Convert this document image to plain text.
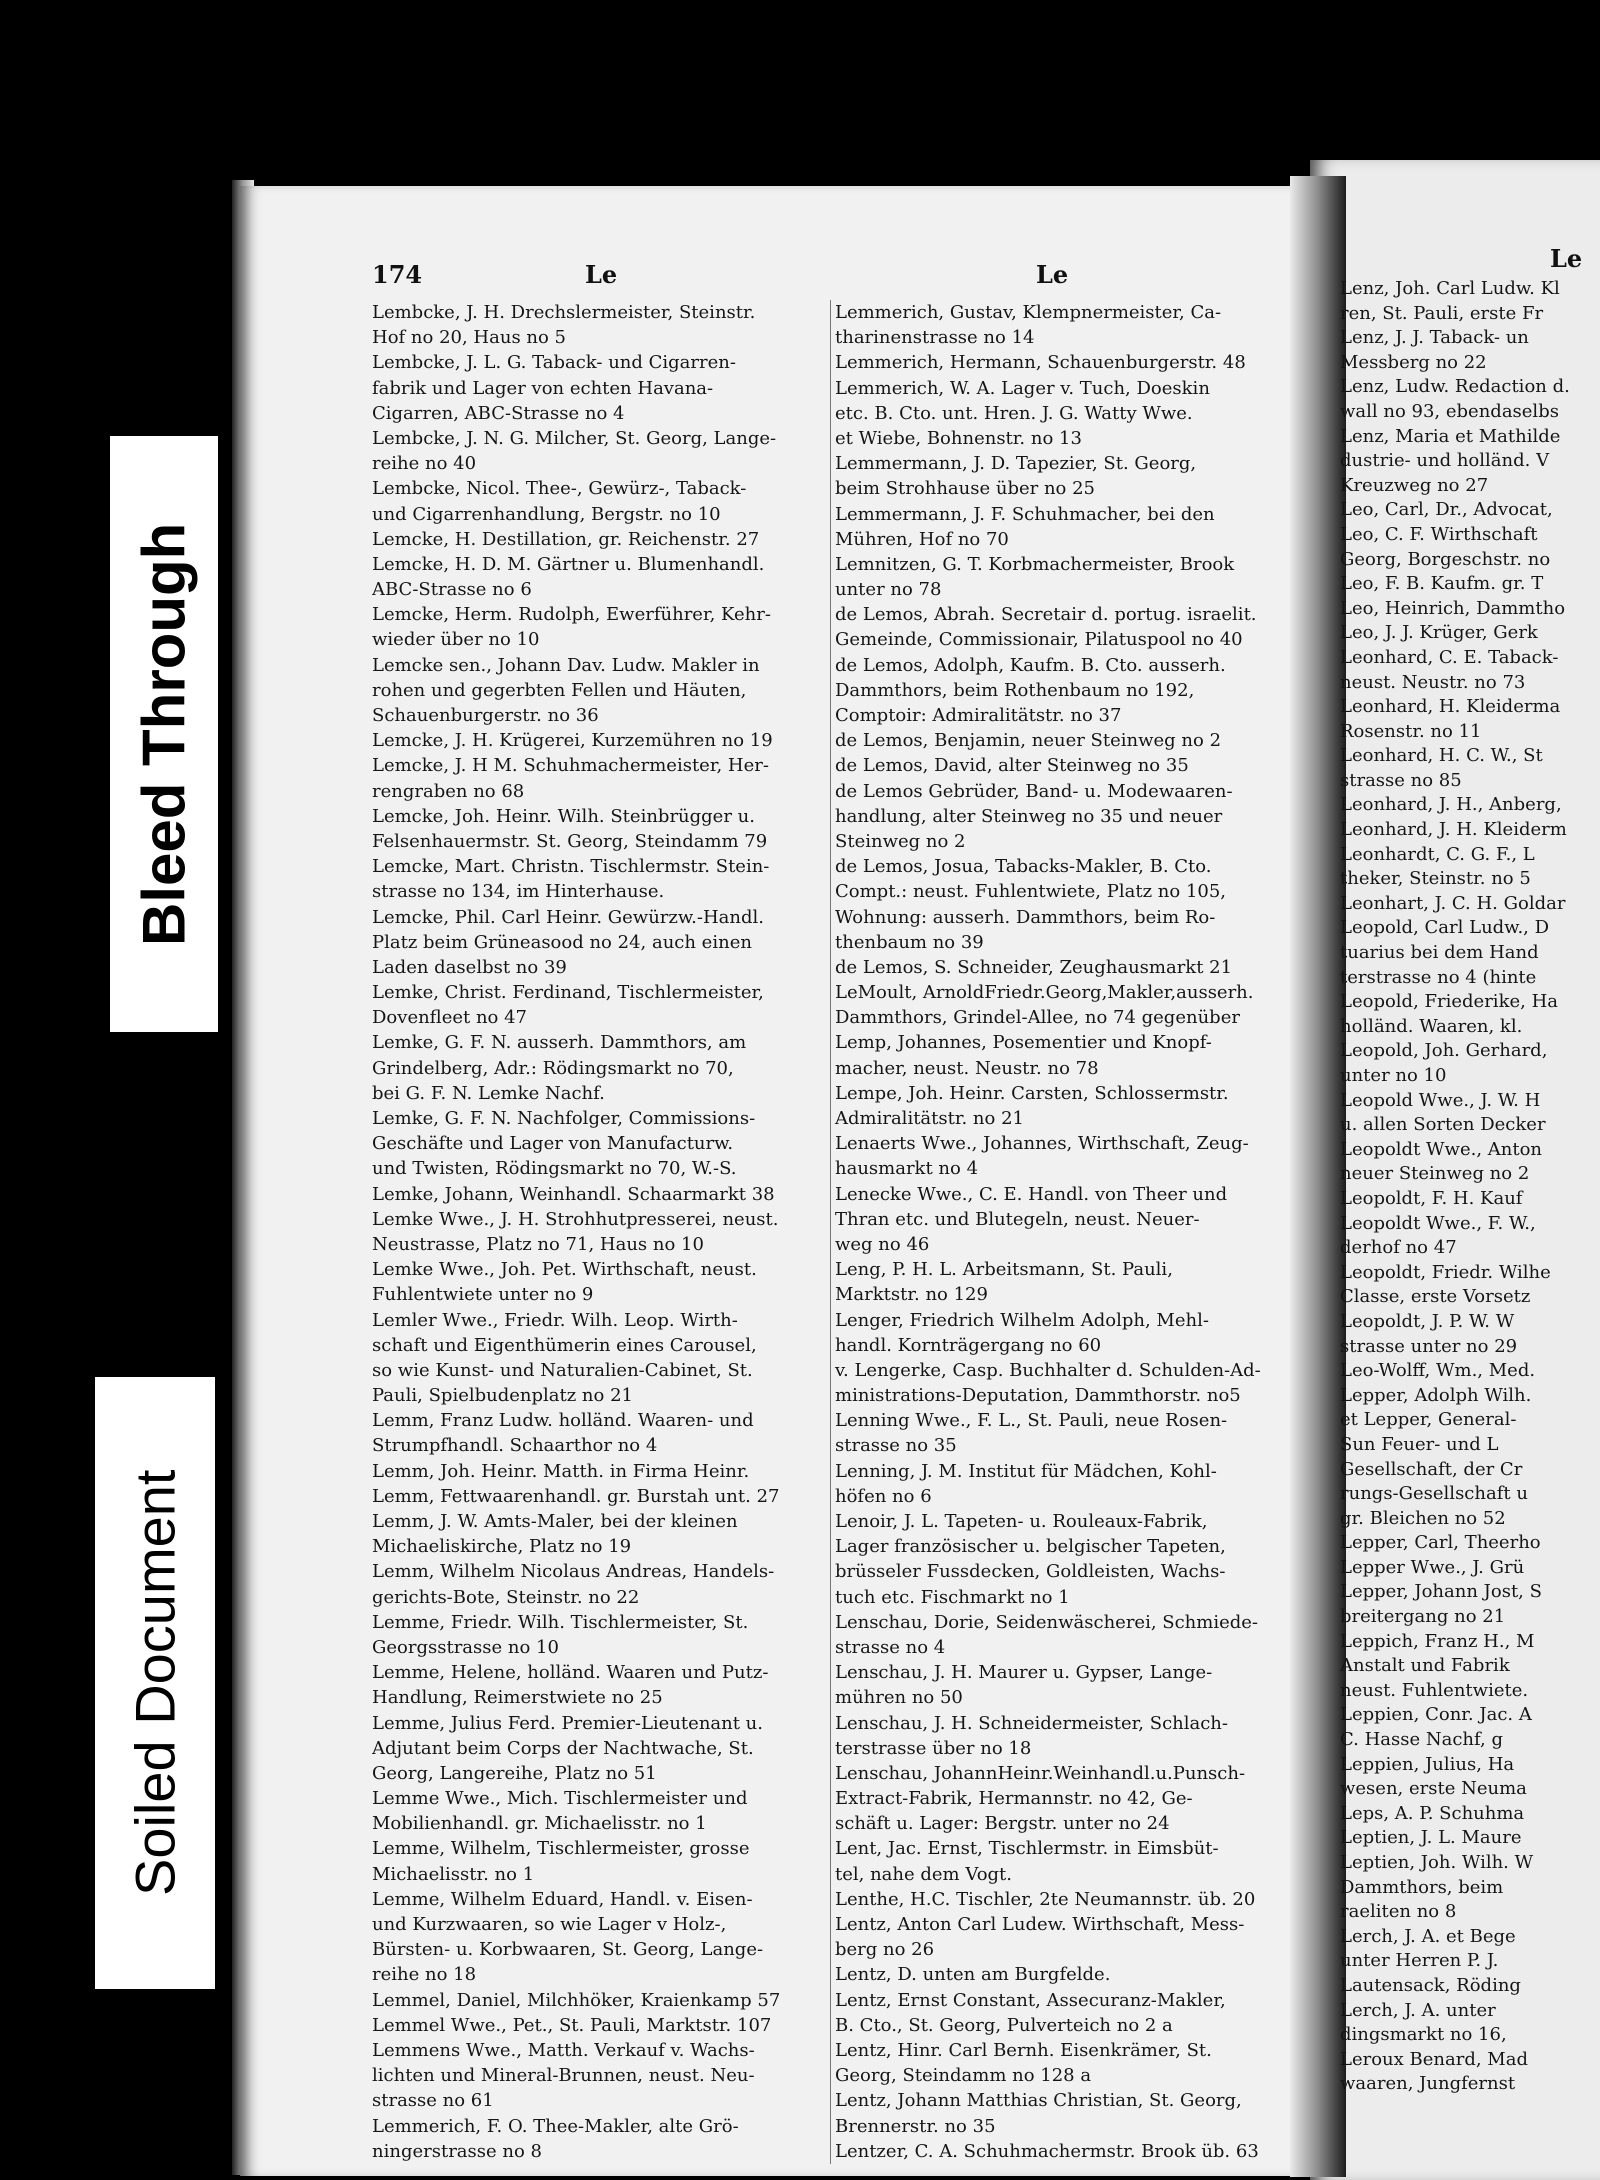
174	Le	Le
Le
Lembcke, J. H. Drechslermeister, Steinstr.
Hof no 20, Haus no 5
Lembcke, J. L. G. Taback- und Cigarren-
fabrik und Lager von echten Havana-
Cigarren, ABC-Strasse no 4
Lembcke, J. N. G. Milcher, St. Georg, Lange-
reihe no 40
Lembcke, Nicol. Thee-, Gewürz-, Taback-
und Cigarrenhandlung, Bergstr. no 10
Lemcke, H. Destillation, gr. Reichenstr. 27
Lemcke, H. D. M. Gärtner u. Blumenhandl.
ABC-Strasse no 6
Lemcke, Herm. Rudolph, Ewerführer, Kehr-
wieder über no 10
Lemcke sen., Johann Dav. Ludw. Makler in
rohen und gegerbten Fellen und Häuten,
Schauenburgerstr. no 36
Lemcke, J. H. Krügerei, Kurzemühren no 19
Lemcke, J. H M. Schuhmachermeister, Her-
rengraben no 68
Lemcke, Joh. Heinr. Wilh. Steinbrügger u.
Felsenhauermstr. St. Georg, Steindamm 79
Lemcke, Mart. Christn. Tischlermstr. Stein-
strasse no 134, im Hinterhause.
Lemcke, Phil. Carl Heinr. Gewürzw.-Handl.
Platz beim Grüneasood no 24, auch einen
Laden daselbst no 39
Lemke, Christ. Ferdinand, Tischlermeister,
Dovenfleet no 47
Lemke, G. F. N. ausserh. Dammthors, am
Grindelberg, Adr.: Rödingsmarkt no 70,
bei G. F. N. Lemke Nachf.
Lemke, G. F. N. Nachfolger, Commissions-
Geschäfte und Lager von Manufacturw.
und Twisten, Rödingsmarkt no 70, W.-S.
Lemke, Johann, Weinhandl. Schaarmarkt 38
Lemke Wwe., J. H. Strohhutpresserei, neust.
Neustrasse, Platz no 71, Haus no 10
Lemke Wwe., Joh. Pet. Wirthschaft, neust.
Fuhlentwiete unter no 9
Lemler Wwe., Friedr. Wilh. Leop. Wirth-
schaft und Eigenthümerin eines Carousel,
so wie Kunst- und Naturalien-Cabinet, St.
Pauli, Spielbudenplatz no 21
Lemm, Franz Ludw. holländ. Waaren- und
Strumpfhandl. Schaarthor no 4
Lemm, Joh. Heinr. Matth. in Firma Heinr.
Lemm, Fettwaarenhandl. gr. Burstah unt. 27
Lemm, J. W. Amts-Maler, bei der kleinen
Michaeliskirche, Platz no 19
Lemm, Wilhelm Nicolaus Andreas, Handels-
gerichts-Bote, Steinstr. no 22
Lemme, Friedr. Wilh. Tischlermeister, St.
Georgsstrasse no 10
Lemme, Helene, holländ. Waaren und Putz-
Handlung, Reimerstwiete no 25
Lemme, Julius Ferd. Premier-Lieutenant u.
Adjutant beim Corps der Nachtwache, St.
Georg, Langereihe, Platz no 51
Lemme Wwe., Mich. Tischlermeister und
Mobilienhandl. gr. Michaelisstr. no 1
Lemme, Wilhelm, Tischlermeister, grosse
Michaelisstr. no 1
Lemme, Wilhelm Eduard, Handl. v. Eisen-
und Kurzwaaren, so wie Lager v Holz-,
Bürsten- u. Korbwaaren, St. Georg, Lange-
reihe no 18
Lemmel, Daniel, Milchhöker, Kraienkamp 57
Lemmel Wwe., Pet., St. Pauli, Marktstr. 107
Lemmens Wwe., Matth. Verkauf v. Wachs-
lichten und Mineral-Brunnen, neust. Neu-
strasse no 61
Lemmerich, F. O. Thee-Makler, alte Grö-
ningerstrasse no 8
Lemmerich, Gustav, Klempnermeister, Ca-
tharinenstrasse no 14
Lemmerich, Hermann, Schauenburgerstr. 48
Lemmerich, W. A. Lager v. Tuch, Doeskin
etc. B. Cto. unt. Hren. J. G. Watty Wwe.
et Wiebe, Bohnenstr. no 13
Lemmermann, J. D. Tapezier, St. Georg,
beim Strohhause über no 25
Lemmermann, J. F. Schuhmacher, bei den
Mühren, Hof no 70
Lemnitzen, G. T. Korbmachermeister, Brook
unter no 78
de Lemos, Abrah. Secretair d. portug. israelit.
Gemeinde, Commissionair, Pilatuspool no 40
de Lemos, Adolph, Kaufm. B. Cto. ausserh.
Dammthors, beim Rothenbaum no 192,
Comptoir: Admiralitätstr. no 37
de Lemos, Benjamin, neuer Steinweg no 2
de Lemos, David, alter Steinweg no 35
de Lemos Gebrüder, Band- u. Modewaaren-
handlung, alter Steinweg no 35 und neuer
Steinweg no 2
de Lemos, Josua, Tabacks-Makler, B. Cto.
Compt.: neust. Fuhlentwiete, Platz no 105,
Wohnung: ausserh. Dammthors, beim Ro-
thenbaum no 39
de Lemos, S. Schneider, Zeughausmarkt 21
LeMoult, ArnoldFriedr.Georg,Makler,ausserh.
Dammthors, Grindel-Allee, no 74 gegenüber
Lemp, Johannes, Posementier und Knopf-
macher, neust. Neustr. no 78
Lempe, Joh. Heinr. Carsten, Schlossermstr.
Admiralitätstr. no 21
Lenaerts Wwe., Johannes, Wirthschaft, Zeug-
hausmarkt no 4
Lenecke Wwe., C. E. Handl. von Theer und
Thran etc. und Blutegeln, neust. Neuer-
weg no 46
Leng, P. H. L. Arbeitsmann, St. Pauli,
Marktstr. no 129
Lenger, Friedrich Wilhelm Adolph, Mehl-
handl. Kornträgergang no 60
v. Lengerke, Casp. Buchhalter d. Schulden-Ad-
ministrations-Deputation, Dammthorstr. no5
Lenning Wwe., F. L., St. Pauli, neue Rosen-
strasse no 35
Lenning, J. M. Institut für Mädchen, Kohl-
höfen no 6
Lenoir, J. L. Tapeten- u. Rouleaux-Fabrik,
Lager französischer u. belgischer Tapeten,
brüsseler Fussdecken, Goldleisten, Wachs-
tuch etc. Fischmarkt no 1
Lenschau, Dorie, Seidenwäscherei, Schmiede-
strasse no 4
Lenschau, J. H. Maurer u. Gypser, Lange-
mühren no 50
Lenschau, J. H. Schneidermeister, Schlach-
terstrasse über no 18
Lenschau, JohannHeinr.Weinhandl.u.Punsch-
Extract-Fabrik, Hermannstr. no 42, Ge-
schäft u. Lager: Bergstr. unter no 24
Lent, Jac. Ernst, Tischlermstr. in Eimsbüt-
tel, nahe dem Vogt.
Lenthe, H.C. Tischler, 2te Neumannstr. üb. 20
Lentz, Anton Carl Ludew. Wirthschaft, Mess-
berg no 26
Lentz, D. unten am Burgfelde.
Lentz, Ernst Constant, Assecuranz-Makler,
B. Cto., St. Georg, Pulverteich no 2 a
Lentz, Hinr. Carl Bernh. Eisenkrämer, St.
Georg, Steindamm no 128 a
Lentz, Johann Matthias Christian, St. Georg,
Brennerstr. no 35
Lentzer, C. A. Schuhmachermstr. Brook üb. 63
Lenz, Joh. Carl Ludw. Kl
ren, St. Pauli, erste Fr
Lenz, J. J. Taback- un
Messberg no 22
Lenz, Ludw. Redaction d.
wall no 93, ebendaselbs
Lenz, Maria et Mathilde
dustrie- und holländ. V
Kreuzweg no 27
Leo, Carl, Dr., Advocat,
Leo, C. F. Wirthschaft
Georg, Borgeschstr. no
Leo, F. B. Kaufm. gr. T
Leo, Heinrich, Dammtho
Leo, J. J. Krüger, Gerk
Leonhard, C. E. Taback-
neust. Neustr. no 73
Leonhard, H. Kleiderma
Rosenstr. no 11
Leonhard, H. C. W., St
strasse no 85
Leonhard, J. H., Anberg,
Leonhard, J. H. Kleiderm
Leonhardt, C. G. F., L
theker, Steinstr. no 5
Leonhart, J. C. H. Goldar
Leopold, Carl Ludw., D
tuarius bei dem Hand
terstrasse no 4 (hinte
Leopold, Friederike, Ha
holländ. Waaren, kl.
Leopold, Joh. Gerhard,
unter no 10
Leopold Wwe., J. W. H
u. allen Sorten Decker
Leopoldt Wwe., Anton
neuer Steinweg no 2
Leopoldt, F. H. Kauf
Leopoldt Wwe., F. W.,
derhof no 47
Leopoldt, Friedr. Wilhe
Classe, erste Vorsetz
Leopoldt, J. P. W. W
strasse unter no 29
Leo-Wolff, Wm., Med.
Lepper, Adolph Wilh.
et Lepper, General-
Sun Feuer- und L
Gesellschaft, der Cr
rungs-Gesellschaft u
gr. Bleichen no 52
Lepper, Carl, Theerho
Lepper Wwe., J. Grü
Lepper, Johann Jost, S
breitergang no 21
Leppich, Franz H., M
Anstalt und Fabrik
neust. Fuhlentwiete.
Leppien, Conr. Jac. A
C. Hasse Nachf, g
Leppien, Julius, Ha
wesen, erste Neuma
Leps, A. P. Schuhma
Leptien, J. L. Maure
Leptien, Joh. Wilh. W
Dammthors, beim
raeliten no 8
Lerch, J. A. et Bege
unter Herren P. J.
Lautensack, Röding
Lerch, J. A. unter
dingsmarkt no 16,
Leroux Benard, Mad
waaren, Jungfernst
Bleed Through
Soiled Document
